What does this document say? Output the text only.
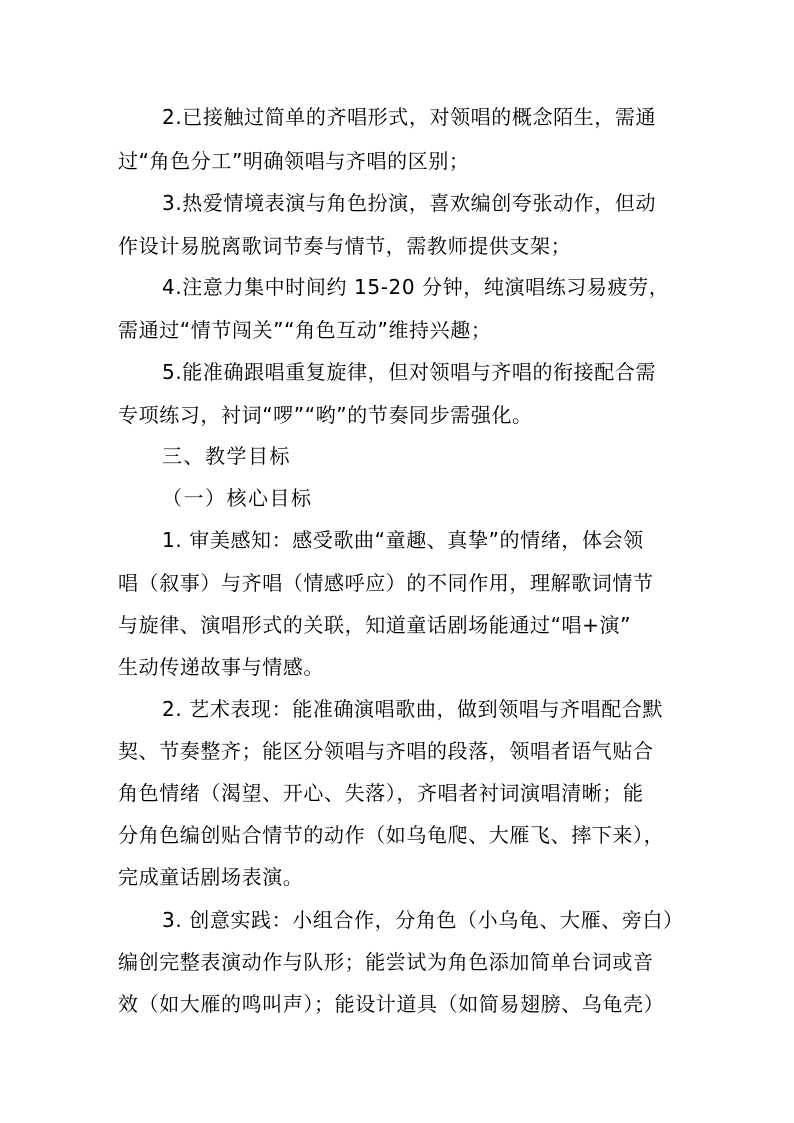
2.已接触过简单的齐唱形式，对领唱的概念陌生，需通
过“角色分工”明确领唱与齐唱的区别；
3.热爱情境表演与角色扮演，喜欢编创夸张动作，但动
作设计易脱离歌词节奏与情节，需教师提供支架；
4.注意力集中时间约 15-20 分钟，纯演唱练习易疲劳，
需通过“情节闯关”“角色互动”维持兴趣；
5.能准确跟唱重复旋律，但对领唱与齐唱的衔接配合需
专项练习，衬词“啰”“哟”的节奏同步需强化。
三、教学目标
（一）核心目标
1. 审美感知：感受歌曲“童趣、真挚”的情绪，体会领
唱（叙事）与齐唱（情感呼应）的不同作用，理解歌词情节
与旋律、演唱形式的关联，知道童话剧场能通过“唱+演”
生动传递故事与情感。
2. 艺术表现：能准确演唱歌曲，做到领唱与齐唱配合默
契、节奏整齐；能区分领唱与齐唱的段落，领唱者语气贴合
角色情绪（渴望、开心、失落），齐唱者衬词演唱清晰；能
分角色编创贴合情节的动作（如乌龟爬、大雁飞、摔下来），
完成童话剧场表演。
3. 创意实践：小组合作，分角色（小乌龟、大雁、旁白）
编创完整表演动作与队形；能尝试为角色添加简单台词或音
效（如大雁的鸣叫声）；能设计道具（如简易翅膀、乌龟壳）
